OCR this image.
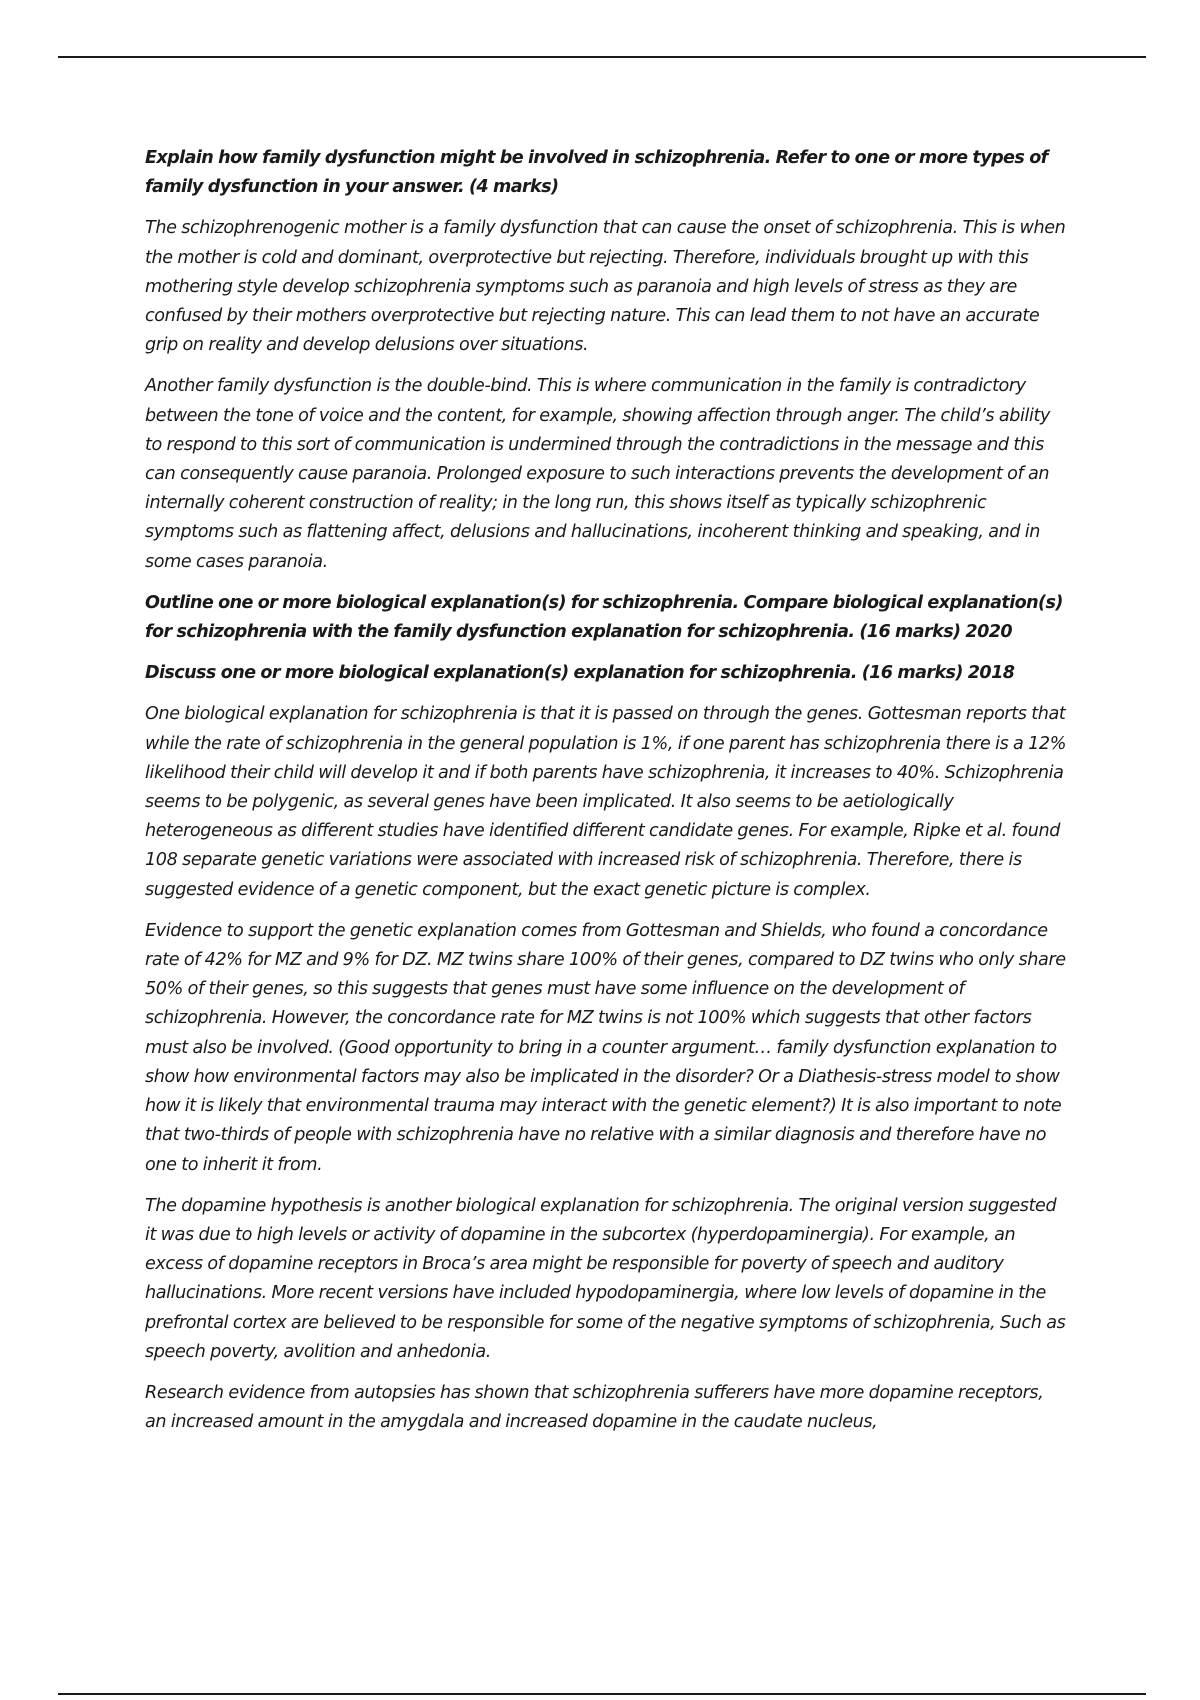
Explain how family dysfunction might be involved in schizophrenia. Refer to one or more types of family dysfunction in your answer. (4 marks)

The schizophrenogenic mother is a family dysfunction that can cause the onset of schizophrenia. This is when the mother is cold and dominant, overprotective but rejecting. Therefore, individuals brought up with this mothering style develop schizophrenia symptoms such as paranoia and high levels of stress as they are confused by their mothers overprotective but rejecting nature. This can lead them to not have an accurate grip on reality and develop delusions over situations.

Another family dysfunction is the double-bind. This is where communication in the family is contradictory between the tone of voice and the content, for example, showing affection through anger. The child’s ability to respond to this sort of communication is undermined through the contradictions in the message and this can consequently cause paranoia. Prolonged exposure to such interactions prevents the development of an internally coherent construction of reality; in the long run, this shows itself as typically schizophrenic symptoms such as flattening affect, delusions and hallucinations, incoherent thinking and speaking, and in some cases paranoia.

Outline one or more biological explanation(s) for schizophrenia. Compare biological explanation(s) for schizophrenia with the family dysfunction explanation for schizophrenia. (16 marks) 2020

Discuss one or more biological explanation(s) explanation for schizophrenia. (16 marks) 2018

One biological explanation for schizophrenia is that it is passed on through the genes. Gottesman reports that while the rate of schizophrenia in the general population is 1%, if one parent has schizophrenia there is a 12% likelihood their child will develop it and if both parents have schizophrenia, it increases to 40%. Schizophrenia seems to be polygenic, as several genes have been implicated. It also seems to be aetiologically heterogeneous as different studies have identified different candidate genes. For example, Ripke et al. found 108 separate genetic variations were associated with increased risk of schizophrenia. Therefore, there is suggested evidence of a genetic component, but the exact genetic picture is complex.

Evidence to support the genetic explanation comes from Gottesman and Shields, who found a concordance rate of 42% for MZ and 9% for DZ. MZ twins share 100% of their genes, compared to DZ twins who only share 50% of their genes, so this suggests that genes must have some influence on the development of schizophrenia. However, the concordance rate for MZ twins is not 100% which suggests that other factors must also be involved. (Good opportunity to bring in a counter argument… family dysfunction explanation to show how environmental factors may also be implicated in the disorder? Or a Diathesis-stress model to show how it is likely that environmental trauma may interact with the genetic element?) It is also important to note that two-thirds of people with schizophrenia have no relative with a similar diagnosis and therefore have no one to inherit it from.

The dopamine hypothesis is another biological explanation for schizophrenia. The original version suggested it was due to high levels or activity of dopamine in the subcortex (hyperdopaminergia). For example, an excess of dopamine receptors in Broca’s area might be responsible for poverty of speech and auditory hallucinations. More recent versions have included hypodopaminergia, where low levels of dopamine in the prefrontal cortex are believed to be responsible for some of the negative symptoms of schizophrenia, Such as speech poverty, avolition and anhedonia.

Research evidence from autopsies has shown that schizophrenia sufferers have more dopamine receptors, an increased amount in the amygdala and increased dopamine in the caudate nucleus,
